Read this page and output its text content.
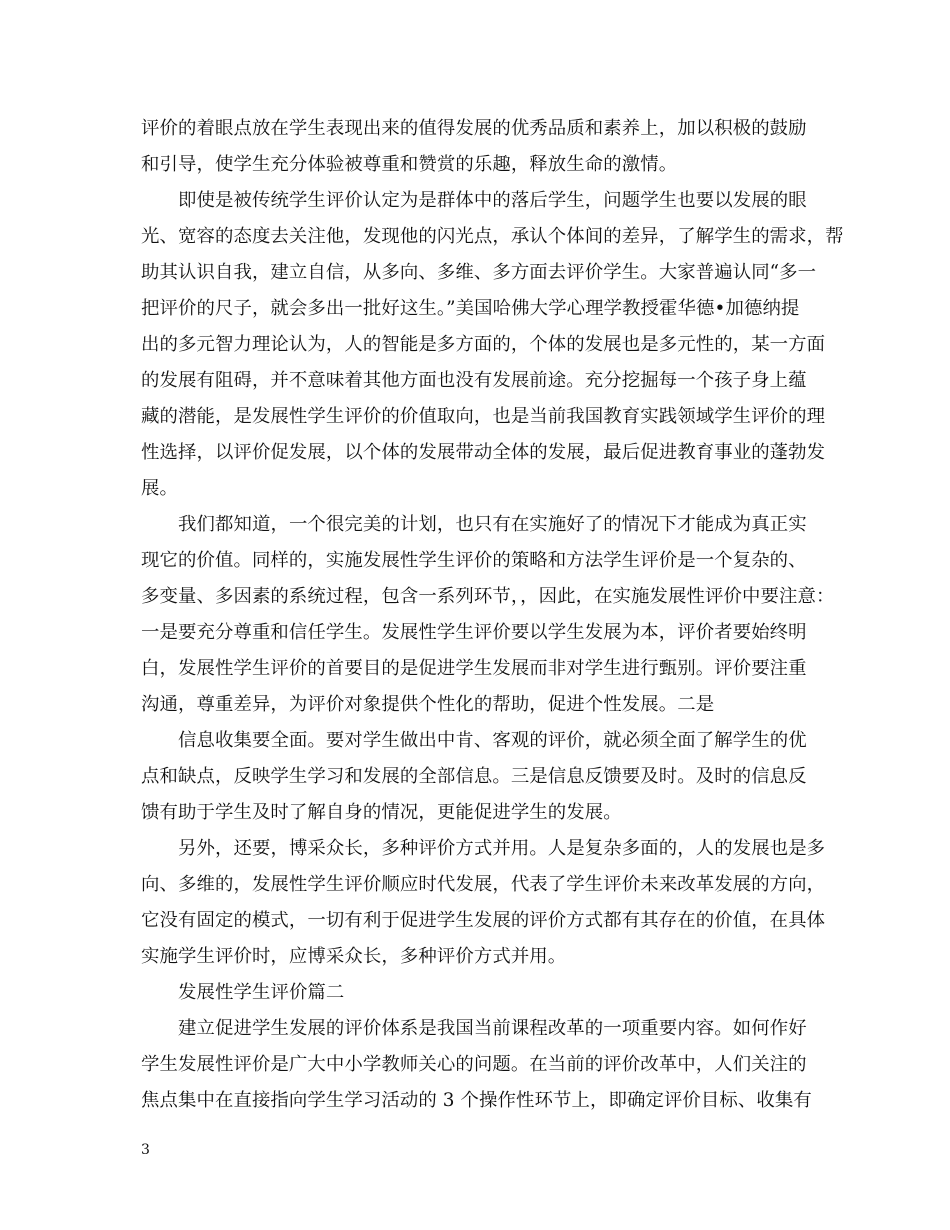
评价的着眼点放在学生表现出来的值得发展的优秀品质和素养上，加以积极的鼓励
和引导，使学生充分体验被尊重和赞赏的乐趣，释放生命的激情。
即使是被传统学生评价认定为是群体中的落后学生，问题学生也要以发展的眼
光、宽容的态度去关注他，发现他的闪光点，承认个体间的差异，了解学生的需求，帮
助其认识自我，建立自信，从多向、多维、多方面去评价学生。大家普遍认同“多一
把评价的尺子，就会多出一批好这生。”美国哈佛大学心理学教授霍华德•加德纳提
出的多元智力理论认为，人的智能是多方面的，个体的发展也是多元性的，某一方面
的发展有阻碍，并不意味着其他方面也没有发展前途。充分挖掘每一个孩子身上蕴
藏的潜能，是发展性学生评价的价值取向，也是当前我国教育实践领域学生评价的理
性选择，以评价促发展，以个体的发展带动全体的发展，最后促进教育事业的蓬勃发
展。
我们都知道，一个很完美的计划，也只有在实施好了的情况下才能成为真正实
现它的价值。同样的，实施发展性学生评价的策略和方法学生评价是一个复杂的、
多变量、多因素的系统过程，包含一系列环节，，因此，在实施发展性评价中要注意：
一是要充分尊重和信任学生。发展性学生评价要以学生发展为本，评价者要始终明
白，发展性学生评价的首要目的是促进学生发展而非对学生进行甄别。评价要注重
沟通，尊重差异，为评价对象提供个性化的帮助，促进个性发展。二是
信息收集要全面。要对学生做出中肯、客观的评价，就必须全面了解学生的优
点和缺点，反映学生学习和发展的全部信息。三是信息反馈要及时。及时的信息反
馈有助于学生及时了解自身的情况，更能促进学生的发展。
另外，还要，博采众长，多种评价方式并用。人是复杂多面的，人的发展也是多
向、多维的，发展性学生评价顺应时代发展，代表了学生评价未来改革发展的方向，
它没有固定的模式，一切有利于促进学生发展的评价方式都有其存在的价值，在具体
实施学生评价时，应博采众长，多种评价方式并用。
发展性学生评价篇二
建立促进学生发展的评价体系是我国当前课程改革的一项重要内容。如何作好
学生发展性评价是广大中小学教师关心的问题。在当前的评价改革中，人们关注的
焦点集中在直接指向学生学习活动的 3 个操作性环节上，即确定评价目标、收集有
3
